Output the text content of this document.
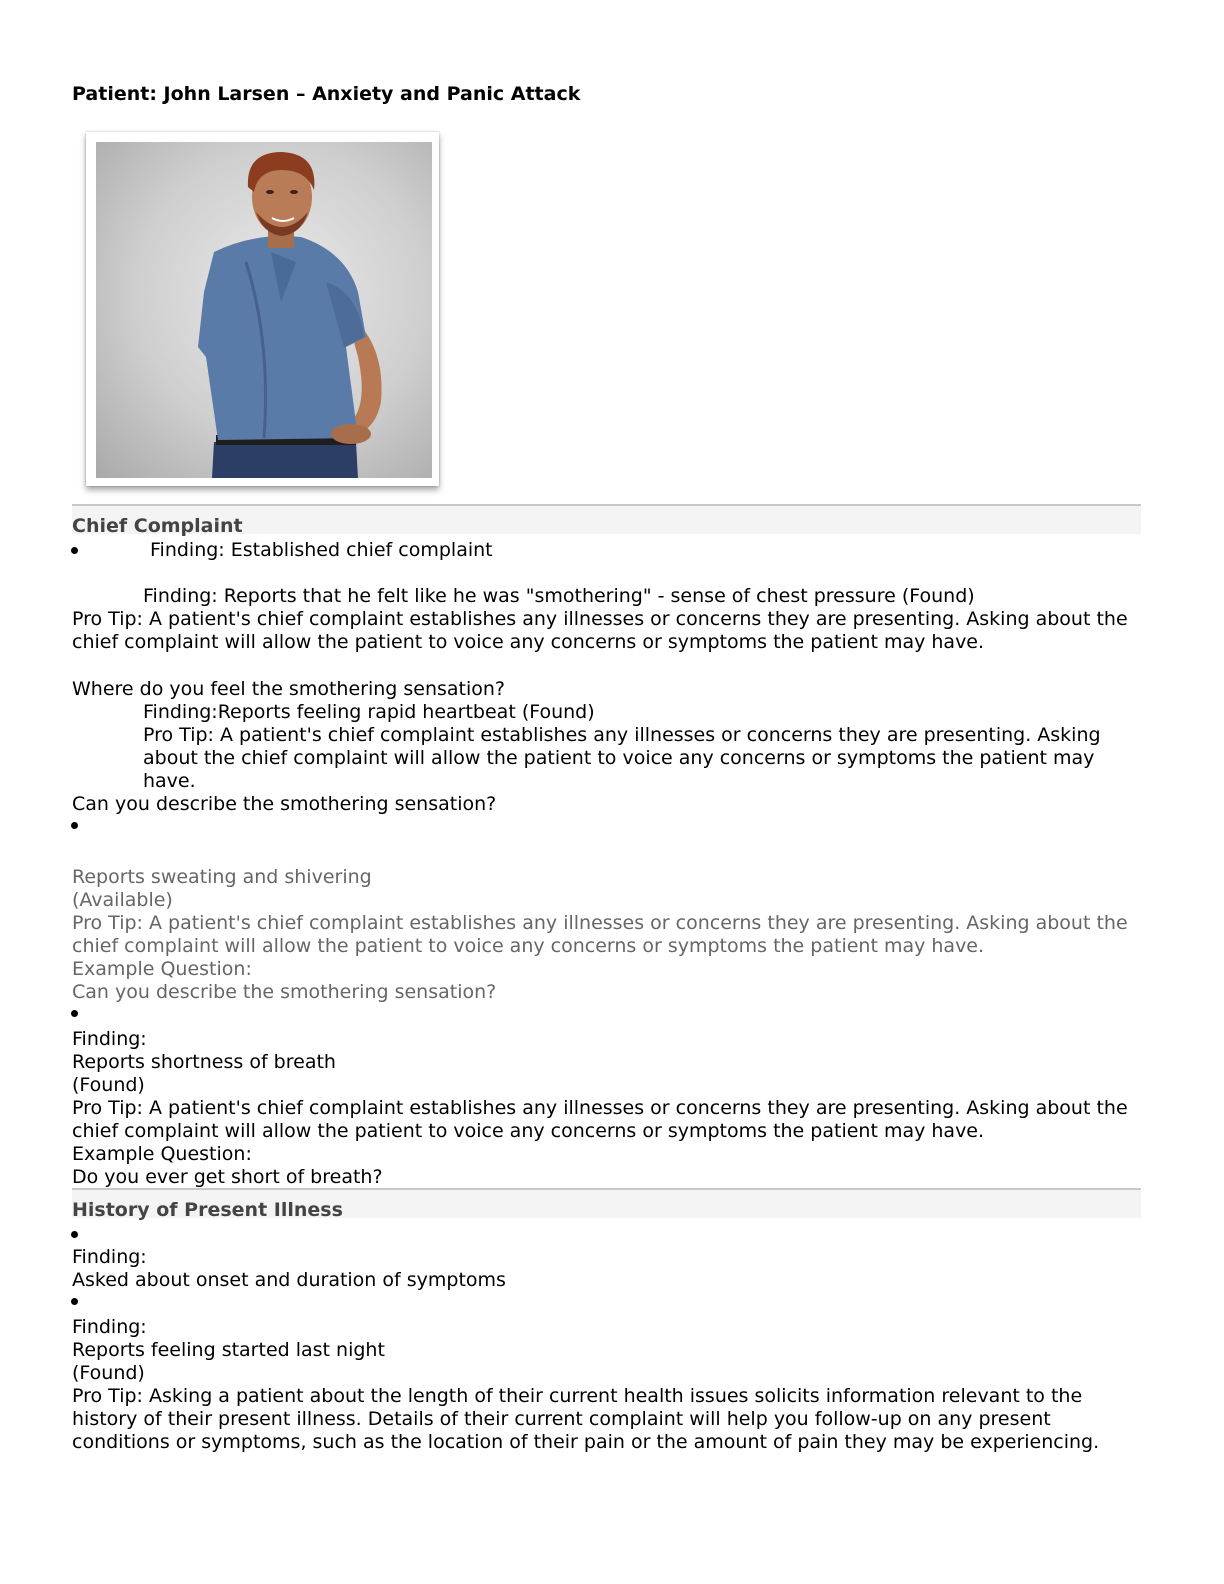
Patient: John Larsen – Anxiety and Panic Attack
Chief Complaint
Finding: Established chief complaint
Finding: Reports that he felt like he was "smothering" - sense of chest pressure (Found)
Pro Tip: A patient's chief complaint establishes any illnesses or concerns they are presenting. Asking about the chief complaint will allow the patient to voice any concerns or symptoms the patient may have.
Where do you feel the smothering sensation?
Finding:Reports feeling rapid heartbeat (Found)
Pro Tip: A patient's chief complaint establishes any illnesses or concerns they are presenting. Asking about the chief complaint will allow the patient to voice any concerns or symptoms the patient may have.
Can you describe the smothering sensation?
Reports sweating and shivering
(Available)
Pro Tip: A patient's chief complaint establishes any illnesses or concerns they are presenting. Asking about the chief complaint will allow the patient to voice any concerns or symptoms the patient may have.
Example Question:
Can you describe the smothering sensation?
Finding:
Reports shortness of breath
(Found)
Pro Tip: A patient's chief complaint establishes any illnesses or concerns they are presenting. Asking about the chief complaint will allow the patient to voice any concerns or symptoms the patient may have.
Example Question:
Do you ever get short of breath?
History of Present Illness
Finding:
Asked about onset and duration of symptoms
Finding:
Reports feeling started last night
(Found)
Pro Tip: Asking a patient about the length of their current health issues solicits information relevant to the history of their present illness. Details of their current complaint will help you follow-up on any present conditions or symptoms, such as the location of their pain or the amount of pain they may be experiencing.
